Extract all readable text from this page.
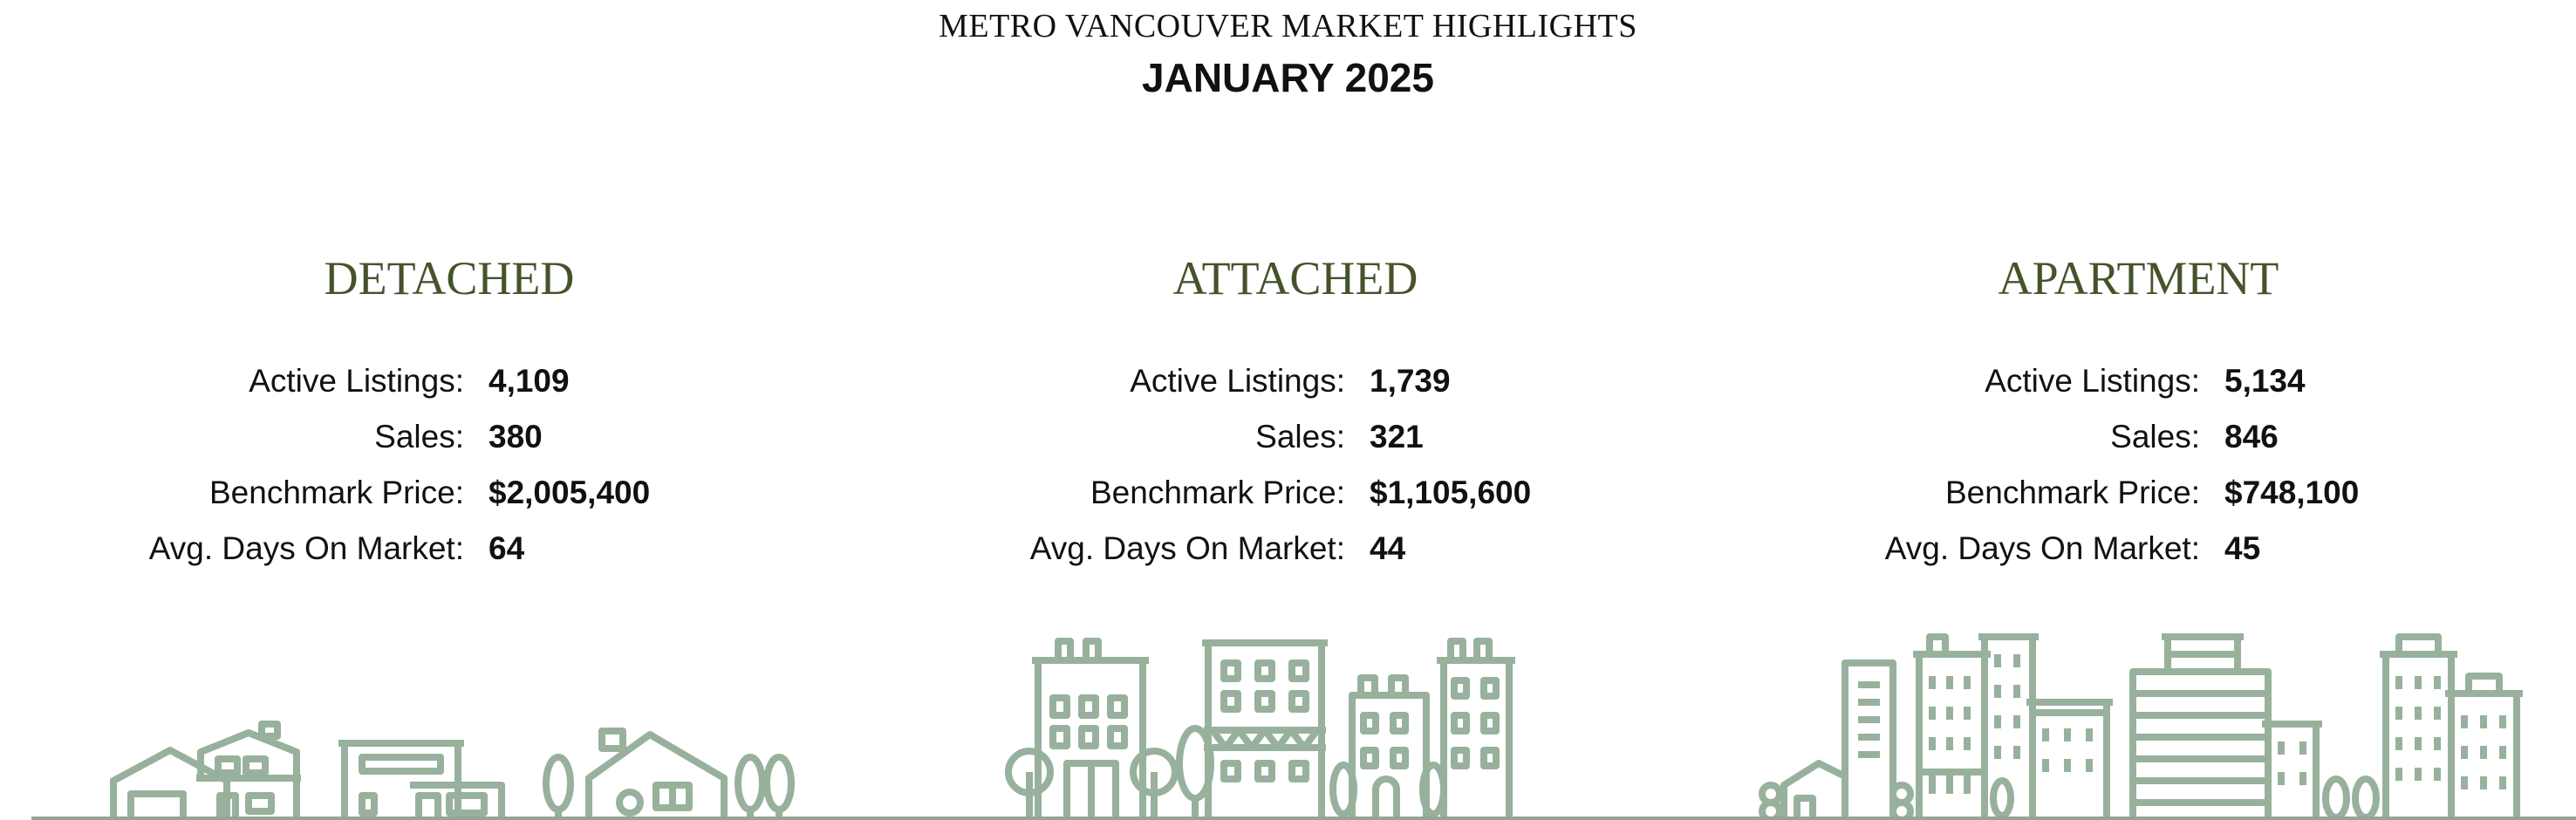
METRO VANCOUVER MARKET HIGHLIGHTS
JANUARY 2025
DETACHED
Active Listings: 4,109
Sales: 380
Benchmark Price: $2,005,400
Avg. Days On Market: 64
ATTACHED
Active Listings: 1,739
Sales: 321
Benchmark Price: $1,105,600
Avg. Days On Market: 44
APARTMENT
Active Listings: 5,134
Sales: 846
Benchmark Price: $748,100
Avg. Days On Market: 45
